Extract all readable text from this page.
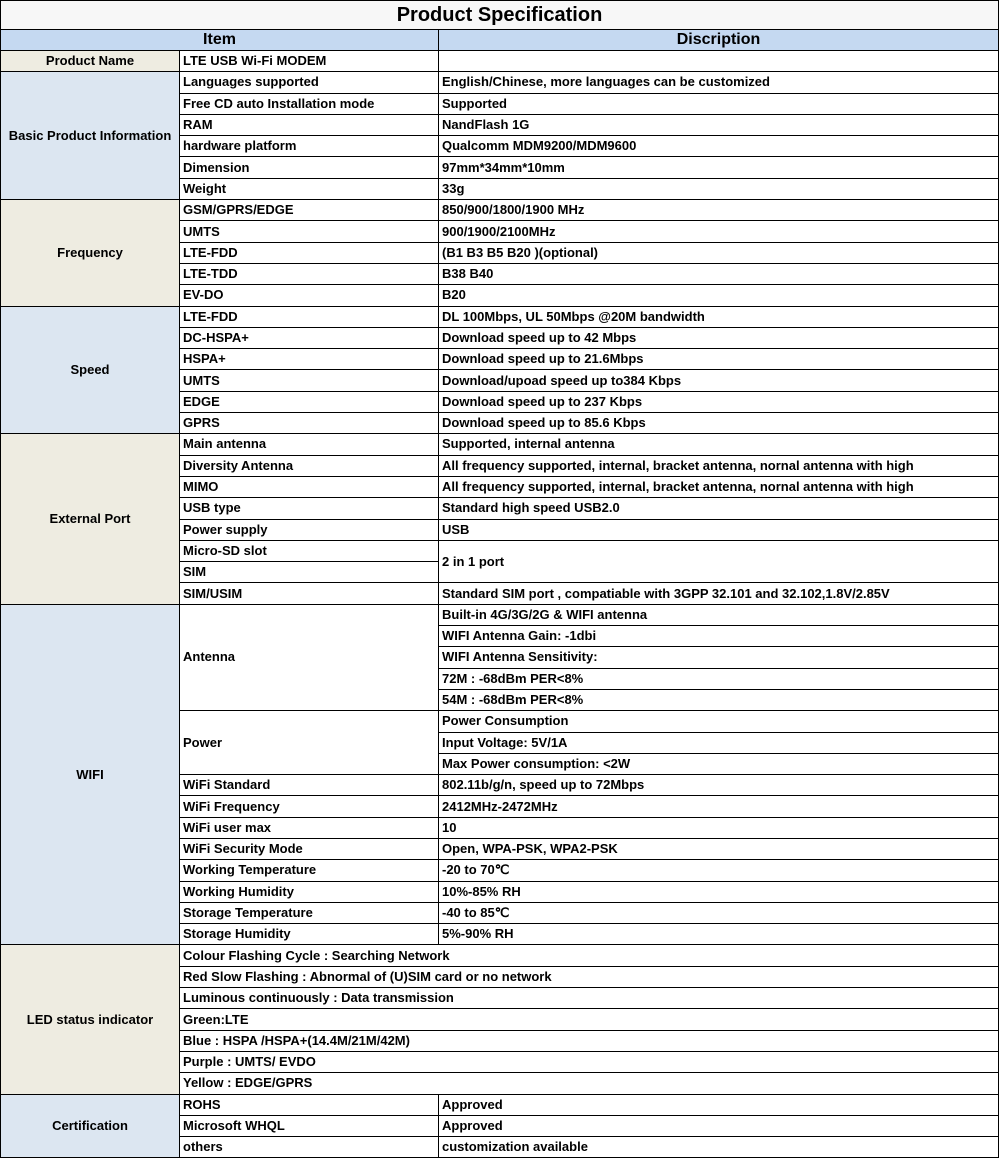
Product Specification		
Item		Discription
Product Name	LTE USB Wi-Fi MODEM	
Basic Product Information	Languages supported	English/Chinese, more languages can be customized
	Free CD auto Installation mode	Supported
	RAM	NandFlash 1G
	hardware platform	Qualcomm MDM9200/MDM9600
	Dimension	97mm*34mm*10mm
	Weight	33g
Frequency	GSM/GPRS/EDGE	850/900/1800/1900 MHz
	UMTS	900/1900/2100MHz
	LTE-FDD	(B1 B3 B5 B20 )(optional)
	LTE-TDD	B38 B40
	EV-DO	B20
Speed	LTE-FDD	DL 100Mbps, UL 50Mbps @20M bandwidth
	DC-HSPA+	Download speed up to 42 Mbps
	HSPA+	Download speed up to 21.6Mbps
	UMTS	Download/upoad speed up to384 Kbps
	EDGE	Download speed up to 237 Kbps
	GPRS	Download speed up to 85.6 Kbps
External Port	Main antenna	Supported, internal antenna
	Diversity Antenna	All frequency supported, internal, bracket antenna, nornal antenna with high
	MIMO	All frequency supported, internal, bracket antenna, nornal antenna with high
	USB type	Standard high speed USB2.0
	Power supply	USB
	Micro-SD slot	2 in 1 port
	SIM	
	SIM/USIM	Standard SIM port , compatiable with 3GPP 32.101 and 32.102,1.8V/2.85V
WIFI	Antenna	Built-in 4G/3G/2G & WIFI antenna
		WIFI Antenna Gain: -1dbi
		WIFI Antenna Sensitivity:
		72M : -68dBm PER<8%
		54M : -68dBm PER<8%
	Power	Power Consumption
		Input Voltage: 5V/1A
		Max Power consumption: <2W
	WiFi Standard	802.11b/g/n, speed up to 72Mbps
	WiFi Frequency	2412MHz-2472MHz
	WiFi user max	10
	WiFi Security Mode	Open, WPA-PSK, WPA2-PSK
	Working Temperature	-20 to 70℃
	Working Humidity	10%-85% RH
	Storage Temperature	-40 to 85℃
	Storage Humidity	5%-90% RH
LED status indicator	Colour Flashing Cycle : Searching Network	
	Red Slow Flashing : Abnormal of (U)SIM card or no network	
	Luminous continuously : Data transmission	
	Green:LTE	
	Blue : HSPA /HSPA+(14.4M/21M/42M)	
	Purple : UMTS/ EVDO	
	Yellow : EDGE/GPRS	
Certification	ROHS	Approved
	Microsoft WHQL	Approved
	others	customization available
